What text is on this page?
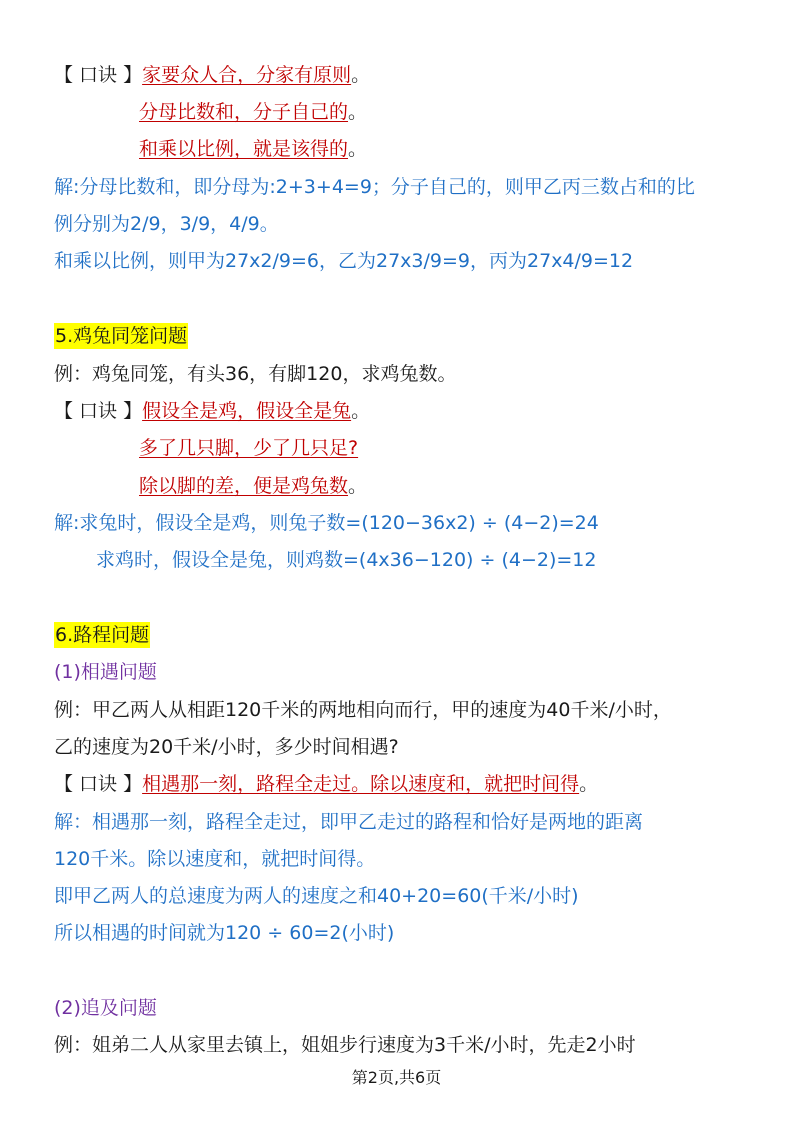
【 口诀 】家要众人合，分家有原则。
分母比数和，分子自己的。
和乘以比例，就是该得的。
解:分母比数和，即分母为:2+3+4=9；分子自己的，则甲乙丙三数占和的比
例分别为2/9，3/9，4/9。
和乘以比例，则甲为27x2/9=6，乙为27x3/9=9，丙为27x4/9=12
5.鸡兔同笼问题
例：鸡兔同笼，有头36，有脚120，求鸡兔数。
【 口诀 】假设全是鸡，假设全是兔。
多了几只脚，少了几只足?
除以脚的差，便是鸡兔数。
解:求兔时，假设全是鸡，则兔子数=(120−36x2) ÷ (4−2)=24
求鸡时，假设全是兔，则鸡数=(4x36−120) ÷ (4−2)=12
6.路程问题
(1)相遇问题
例：甲乙两人从相距120千米的两地相向而行，甲的速度为40千米/小时，
乙的速度为20千米/小时，多少时间相遇?
【 口诀 】相遇那一刻，路程全走过。除以速度和，就把时间得。
解：相遇那一刻，路程全走过，即甲乙走过的路程和恰好是两地的距离
120千米。除以速度和，就把时间得。
即甲乙两人的总速度为两人的速度之和40+20=60(千米/小时)
所以相遇的时间就为120 ÷ 60=2(小时)
(2)追及问题
例：姐弟二人从家里去镇上，姐姐步行速度为3千米/小时，先走2小时
第2页,共6页
